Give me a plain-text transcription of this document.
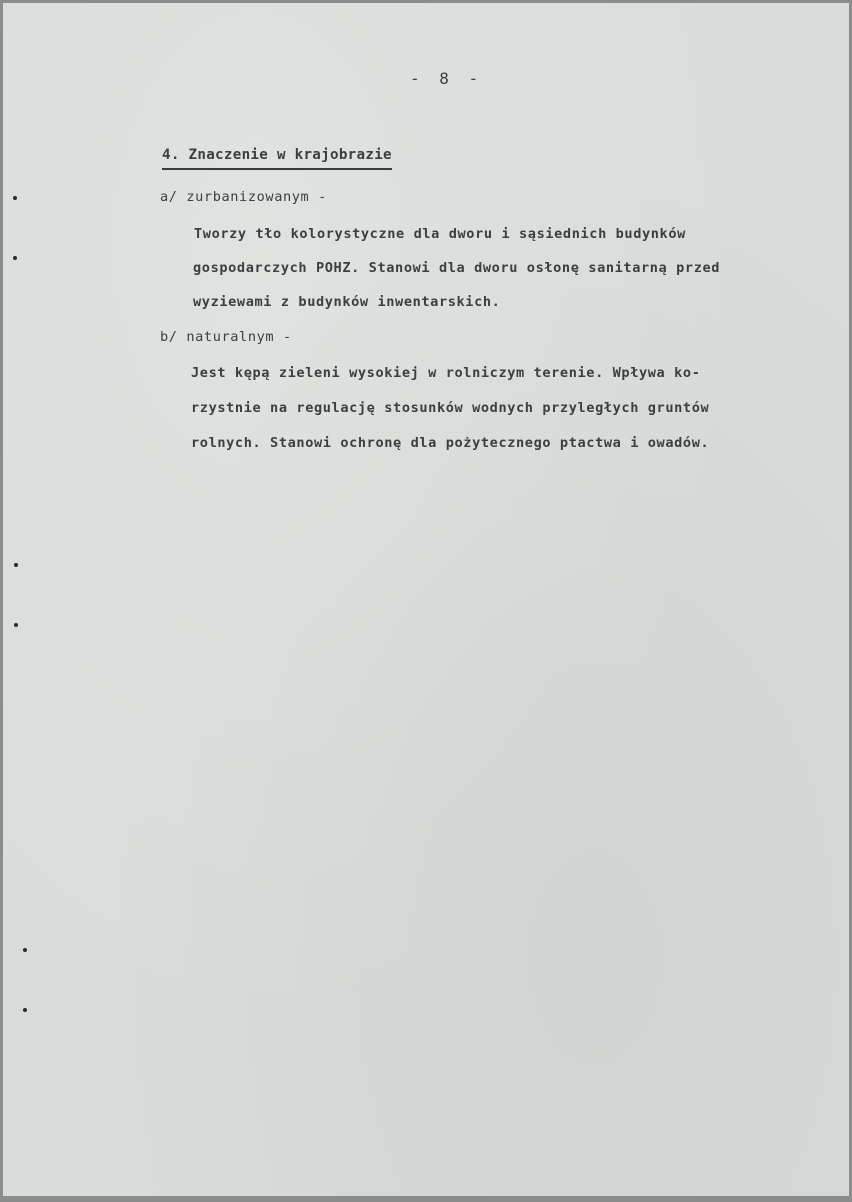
- 8 -
4. Znaczenie w krajobrazie
a/ zurbanizowanym -
Tworzy tło kolorystyczne dla dworu i sąsiednich budynków
gospodarczych POHZ. Stanowi dla dworu osłonę sanitarną przed
wyziewami z budynków inwentarskich.
b/ naturalnym -
Jest kępą zieleni wysokiej w rolniczym terenie. Wpływa ko-
rzystnie na regulację stosunków wodnych przyległych gruntów
rolnych. Stanowi ochronę dla pożytecznego ptactwa i owadów.
